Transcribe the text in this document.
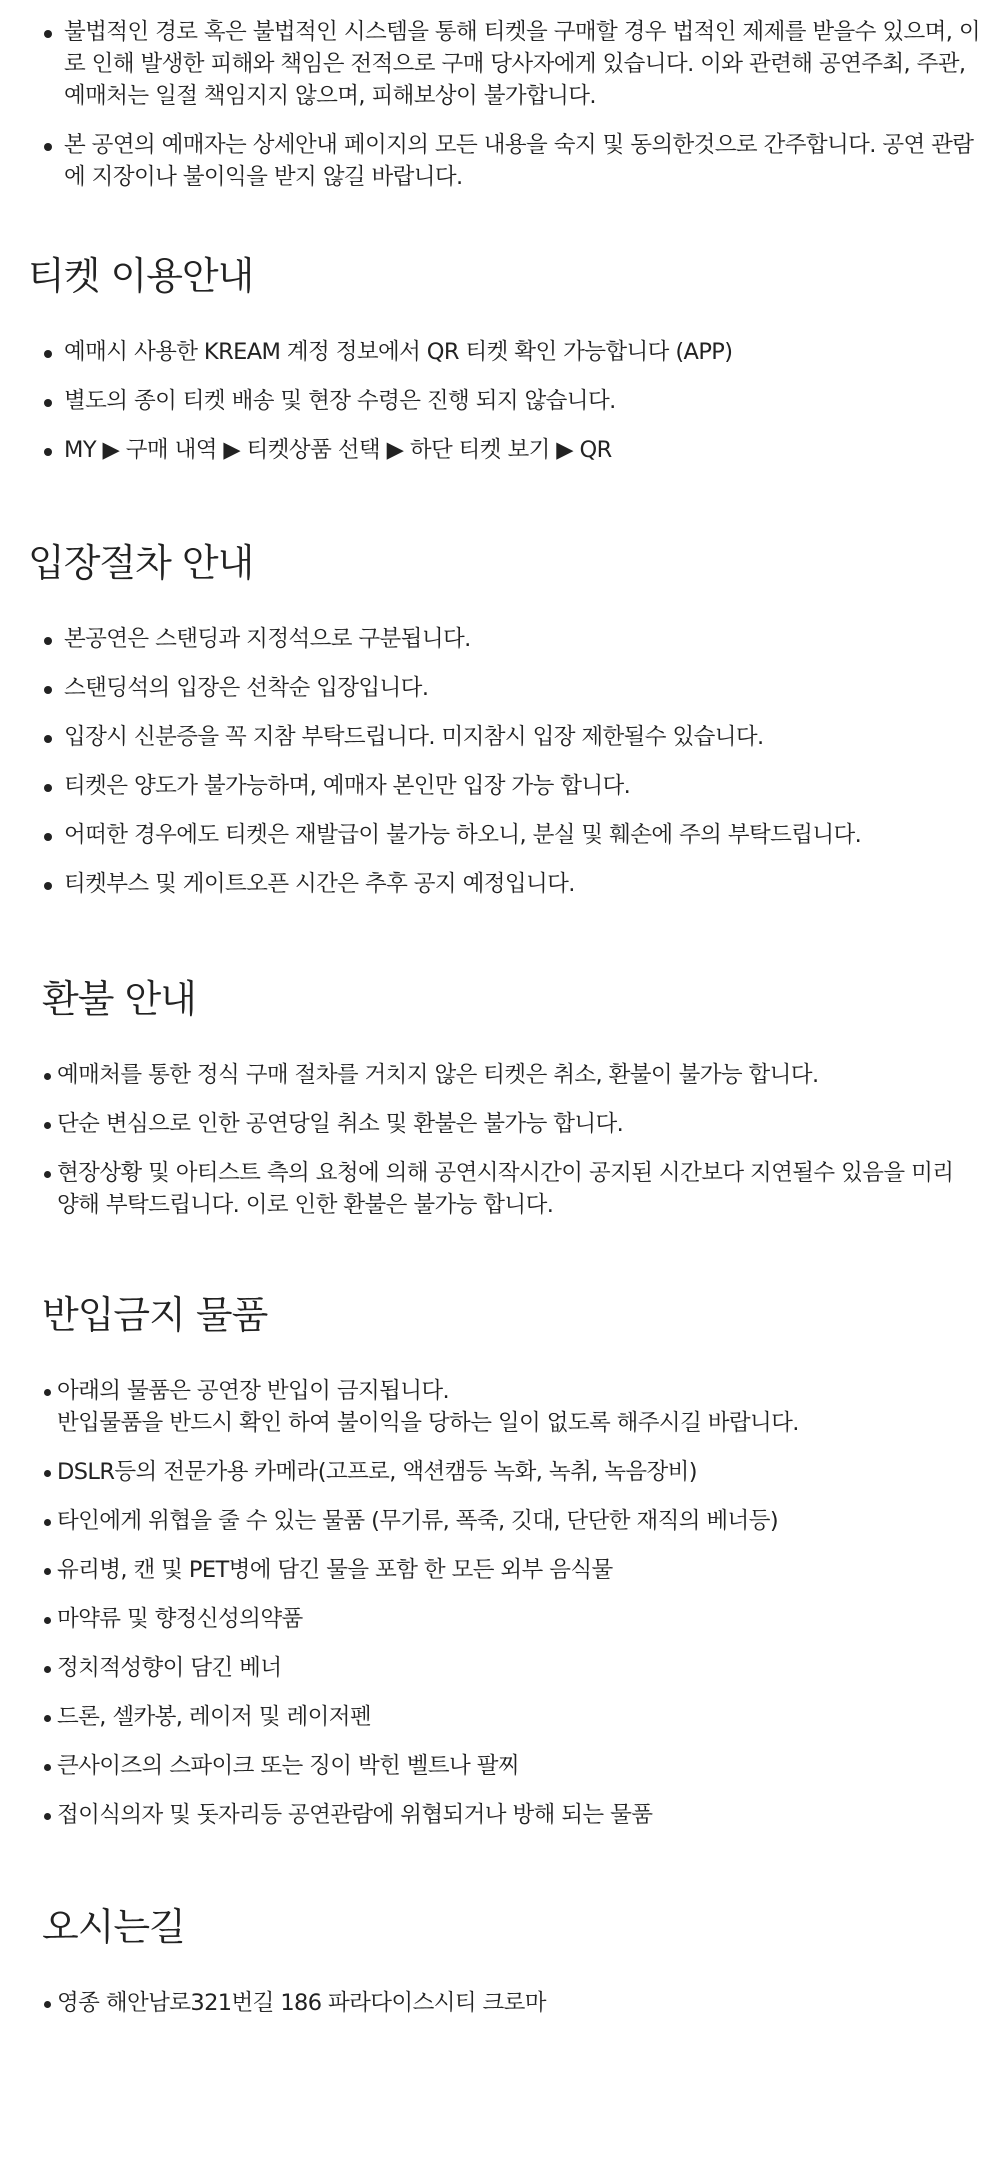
불법적인 경로 혹은 불법적인 시스템을 통해 티켓을 구매할 경우 법적인 제제를 받을수 있으며, 이로 인해 발생한 피해와 책임은 전적으로 구매 당사자에게 있습니다. 이와 관련해 공연주최, 주관, 예매처는 일절 책임지지 않으며, 피해보상이 불가합니다.
본 공연의 예매자는 상세안내 페이지의 모든 내용을 숙지 및 동의한것으로 간주합니다. 공연 관람에 지장이나 불이익을 받지 않길 바랍니다.
티켓 이용안내
예매시 사용한 KREAM 계정 정보에서 QR 티켓 확인 가능합니다 (APP)
별도의 종이 티켓 배송 및 현장 수령은 진행 되지 않습니다.
MY ▶ 구매 내역 ▶ 티켓상품 선택 ▶ 하단 티켓 보기 ▶ QR
입장절차 안내
본공연은 스탠딩과 지정석으로 구분됩니다.
스탠딩석의 입장은 선착순 입장입니다.
입장시 신분증을 꼭 지참 부탁드립니다. 미지참시 입장 제한될수 있습니다.
티켓은 양도가 불가능하며, 예매자 본인만 입장 가능 합니다.
어떠한 경우에도 티켓은 재발급이 불가능 하오니, 분실 및 훼손에 주의 부탁드립니다.
티켓부스 및 게이트오픈 시간은 추후 공지 예정입니다.
환불 안내
예매처를 통한 정식 구매 절차를 거치지 않은 티켓은 취소, 환불이 불가능 합니다.
단순 변심으로 인한 공연당일 취소 및 환불은 불가능 합니다.
현장상황 및 아티스트 측의 요청에 의해 공연시작시간이 공지된 시간보다 지연될수 있음을 미리양해 부탁드립니다. 이로 인한 환불은 불가능 합니다.
반입금지 물품
아래의 물품은 공연장 반입이 금지됩니다.
반입물품을 반드시 확인 하여 불이익을 당하는 일이 없도록 해주시길 바랍니다.
DSLR등의 전문가용 카메라(고프로, 액션캠등 녹화, 녹취, 녹음장비)
타인에게 위협을 줄 수 있는 물품 (무기류, 폭죽, 깃대, 단단한 재직의 베너등)
유리병, 캔 및 PET병에 담긴 물을 포함 한 모든 외부 음식물
마약류 및 향정신성의약품
정치적성향이 담긴 베너
드론, 셀카봉, 레이저 및 레이저펜
큰사이즈의 스파이크 또는 징이 박힌 벨트나 팔찌
접이식의자 및 돗자리등 공연관람에 위협되거나 방해 되는 물품
오시는길
영종 해안남로321번길 186 파라다이스시티 크로마
